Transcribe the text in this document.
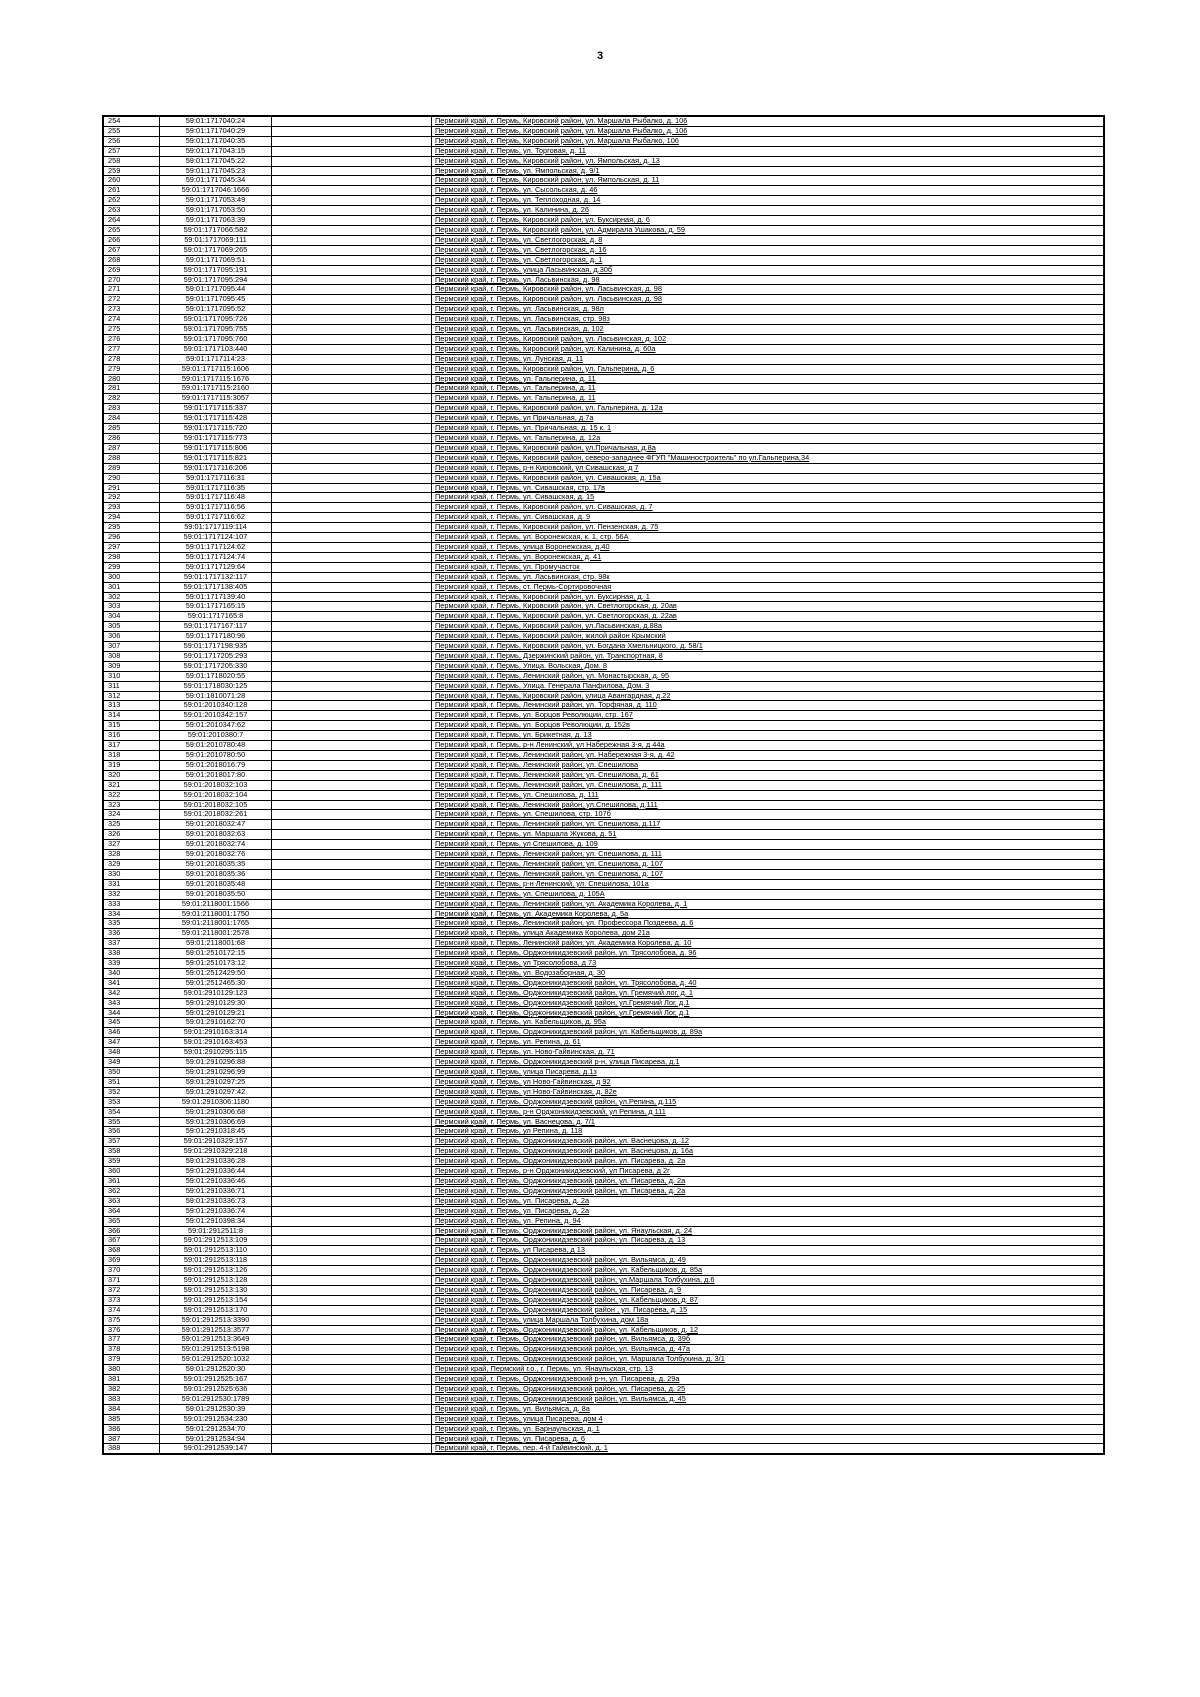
3
254	59:01:1717040:24		Пермский край, г. Пермь, Кировский район, ул. Маршала Рыбалко, д. 106
255	59:01:1717040:29		Пермский край, г. Пермь, Кировский район, ул. Маршала Рыбалко, д. 106
256	59:01:1717040:35		Пермский край, г. Пермь, Кировский район, ул. Маршала Рыбалко, 106
257	59:01:1717043:15		Пермский край, г. Пермь, ул. Торговая, д. 11
258	59:01:1717045:22		Пермский край, г. Пермь, Кировский район, ул. Ямпольская, д. 13
259	59:01:1717045:23		Пермский край, г. Пермь, ул. Ямпольская, д. 9/1
260	59:01:1717045:34		Пермский край, г. Пермь, Кировский район, ул. Ямпольская, д. 11
261	59:01:1717046:1666		Пермский край, г. Пермь, ул. Сысольская, д. 46
262	59:01:1717053:49		Пермский край, г. Пермь, ул. Теплоходная, д. 14
263	59:01:1717053:50		Пермский край, г. Пермь, ул. Калинина, д. 26
264	59:01:1717063:39		Пермский край, г. Пермь, Кировский район, ул. Буксирная, д. 6
265	59:01:1717066:582		Пермский край, г. Пермь, Кировский район, ул. Адмирала Ушакова, д. 59
266	59:01:1717069:111		Пермский край, г. Пермь, ул. Светлогорская, д. 8
267	59:01:1717069:265		Пермский край, г. Пермь, ул. Светлогорская, д. 16
268	59:01:1717069:51		Пермский край, г. Пермь, ул. Светлогорская, д. 1
269	59:01:1717095:191		Пермский край, г. Пермь, улица Ласьвинская, д.30б
270	59:01:1717095:294		Пермский край, г. Пермь, ул. Ласьвинская, д. 98
271	59:01:1717095:44		Пермский край, г. Пермь, Кировский район, ул. Ласьвинская, д. 98
272	59:01:1717095:45		Пермский край, г. Пермь, Кировский район, ул. Ласьвинская, д. 98
273	59:01:1717095:52		Пермский край, г. Пермь, ул. Ласьвинская, д. 98л
274	59:01:1717095:726		Пермский край, г. Пермь, ул. Ласьвинская, стр. 98з
275	59:01:1717095:755		Пермский край, г. Пермь, ул. Ласьвинская, д. 102
276	59:01:1717095:760		Пермский край, г. Пермь, Кировский район, ул. Ласьвинская, д. 102
277	59:01:1717103:440		Пермский край, г. Пермь, Кировский район, ул. Калинина, д. 60а
278	59:01:1717114:23		Пермский край, г. Пермь, ул. Лунская, д. 11
279	59:01:1717115:1606		Пермский край, г. Пермь, Кировский район, ул. Гальперина, д. 6
280	59:01:1717115:1676		Пермский край, г. Пермь, ул. Гальперина, д. 11
281	59:01:1717115:2160		Пермский край, г. Пермь, ул. Гальперина, д. 11
282	59:01:1717115:3057		Пермский край, г. Пермь, ул. Гальперина, д. 11
283	59:01:1717115:337		Пермский край, г. Пермь, Кировский район, ул. Гальперина, д. 12а
284	59:01:1717115:428		Пермский край, г. Пермь, ул Причальная, д 7а
285	59:01:1717115:720		Пермский край, г. Пермь, ул. Причальная, д. 15 к. 1
286	59:01:1717115:773		Пермский край, г. Пермь, ул. Гальперина, д. 12а
287	59:01:1717115:806		Пермский край, г. Пермь, Кировский район, ул.Причальная, д.8а
288	59:01:1717115:821		Пермский край, г. Пермь, Кировский район, северо-западнее ФГУП "Машиностроитель" по ул.Гальперина,34
289	59:01:1717116:206		Пермский край, г. Пермь, р-н Кировский, ул Сивашская, д 7
290	59:01:1717116:31		Пермский край, г. Пермь, Кировский район, ул. Сивашская, д. 15а
291	59:01:1717116:35		Пермский край, г. Пермь, ул. Сивашская, стр. 17в
292	59:01:1717116:48		Пермский край, г. Пермь, ул. Сивашская, д. 15
293	59:01:1717116:56		Пермский край, г. Пермь, Кировский район, ул. Сивашская, д. 7
294	59:01:1717116:62		Пермский край, г. Пермь, ул. Сивашская, д. 9
295	59:01:1717119:114		Пермский край, г. Пермь, Кировский район, ул. Пензенская, д. 75
296	59:01:1717124:107		Пермский край, г. Пермь, ул. Воронежская, к. 1, стр. 56А
297	59:01:1717124:62		Пермский край, г. Пермь, улица Воронежская, д.40
298	59:01:1717124:74		Пермский край, г. Пермь, ул. Воронежская, д. 41
299	59:01:1717129:64		Пермский край, г. Пермь, ул. Промучасток
300	59:01:1717132:117		Пермский край, г. Пермь, ул. Ласьвинская, стр. 98к
301	59:01:1717138:405		Пермский край, г. Пермь, ст. Пермь-Сортировочная
302	59:01:1717139:40		Пермский край, г. Пермь, Кировский район, ул. Буксирная, д. 1
303	59:01:1717165:15		Пермский край, г. Пермь, Кировский район, ул. Светлогорская, д. 20ав
304	59:01:1717165:8		Пермский край, г. Пермь, Кировский район, ул. Светлогорская, д. 22ав
305	59:01:1717167:117		Пермский край, г. Пермь, Кировский район, ул.Ласьвинская, д.88а
306	59:01:1717180:96		Пермский край, г. Пермь, Кировский район, жилой район Крымский
307	59:01:1717198:935		Пермский край, г. Пермь, Кировский район, ул. Богдана Хмельницкого, д. 58/1
308	59:01:1717205:293		Пермский край, г. Пермь, Дзержинский район, ул. Транспортная, 8
309	59:01:1717205:330		Пермский край, г. Пермь, Улица. Вольская, Дом. 8
310	59:01:1718020:55		Пермский край, г. Пермь, Ленинский район, ул. Монастырская, д. 95
311	59:01:1718030:125		Пермский край, г. Пермь, Улица. Генерала Панфилова, Дом. 3
312	59:01:1810071:28		Пермский край, г. Пермь, Кировский район, улица Авангардная, д.22
313	59:01:2010340:128		Пермский край, г. Пермь, Ленинский район, ул. Торфяная, д. 110
314	59:01:2010342:157		Пермский край, г. Пермь, ул. Борцов Революции, стр. 167
315	59:01:2010347:62		Пермский край, г. Пермь, ул. Борцов Революции, д. 152в
316	59:01:2010380:7		Пермский край, г. Пермь, ул. Брикетная, д. 13
317	59:01:2010780:48		Пермский край, г. Пермь, р-н Ленинский, ул Набережная 3-я, д 44а
318	59:01:2010780:50		Пермский край, г. Пермь, Ленинский район, ул. Набережная 3-я, д. 42
319	59:01:2018016:79		Пермский край, г. Пермь, Ленинский район, ул. Спешилова
320	59:01:2018017:80		Пермский край, г. Пермь, Ленинский район, ул. Спешилова, д. 61
321	59:01:2018032:103		Пермский край, г. Пермь, Ленинский район, ул. Спешилова, д. 111
322	59:01:2018032:104		Пермский край, г. Пермь, ул. Спешилова, д. 111
323	59:01:2018032:105		Пермский край, г. Пермь, Ленинский район, ул.Спешилова, д.111
324	59:01:2018032:261		Пермский край, г. Пермь, ул. Спешилова, стр. 107б
325	59:01:2018032:47		Пермский край, г. Пермь, Ленинский район, ул. Спешилова, д.117
326	59:01:2018032:63		Пермский край, г. Пермь, ул. Маршала Жукова, д. 51
327	59:01:2018032:74		Пермский край, г. Пермь, ул Спешилова, д. 109
328	59:01:2018032:76		Пермский край, г. Пермь, Ленинский район, ул. Спешилова, д. 111
329	59:01:2018035:35		Пермский край, г. Пермь, Ленинский район, ул. Спешилова, д. 107
330	59:01:2018035:36		Пермский край, г. Пермь, Ленинский район, ул. Спешилова, д. 107
331	59:01:2018035:48		Пермский край, г. Пермь, р-н Ленинский, ул. Спешилова, 101а
332	59:01:2018035:50		Пермский край, г. Пермь, ул. Спешилова, д. 105А
333	59:01:2118001:1566		Пермский край, г. Пермь, Ленинский район, ул. Академика Королева, д. 1
334	59:01:2118001:1750		Пермский край, г. Пермь, ул. Академика Королева, д. 5а
335	59:01:2118001:1765		Пермский край, г. Пермь, Ленинский район, ул. Профессора Поздеева, д. 6
336	59:01:2118001:2578		Пермский край, г. Пермь, улица Академика Королева, дом 21а
337	59:01:2118001:68		Пермский край, г. Пермь, Ленинский район, ул. Академика Королева, д. 10
338	59:01:2510172:15		Пермский край, г. Пермь, Орджоникидзевский район, ул. Трясолобова, д. 96
339	59:01:2510173:12		Пермский край, г. Пермь, ул Трясолобова, д 73
340	59:01:2512429:50		Пермский край, г. Пермь, ул. Водозаборная, д. 30
341	59:01:2512465:30		Пермский край, г. Пермь, Орджоникидзевский район, ул. Трясолобова, д. 40
342	59:01:2910129:123		Пермский край, г. Пермь, Орджоникидзевский район, ул. Гремячий лог, д. 1
343	59:01:2910129:30		Пермский край, г. Пермь, Орджоникидзевский район, ул.Гремячий Лог, д.1
344	59:01:2910129:21		Пермский край, г. Пермь, Орджоникидзевский район, ул.Гремячий Лог, д.1
345	59:01:2910162:70		Пермский край, г. Пермь, ул. Кабельщиков, д. 95а
346	59:01:2910163:314		Пермский край, г. Пермь, Орджоникидзевский район, ул. Кабельщиков, д. 89а
347	59:01:2910163:453		Пермский край, г. Пермь, ул. Репина, д. 61
348	59:01:2910295:115		Пермский край, г. Пермь, ул. Ново-Гайвинская, д. 71
349	59:01:2910296:88		Пермский край, г. Пермь, Орджоникидзевский р-н, улица Писарева, д.1
350	59:01:2910296:99		Пермский край, г. Пермь, улица Писарева, д.1з
351	59:01:2910297:25		Пермский край, г. Пермь, ул Ново-Гайвинская, д 92
352	59:01:2910297:42		Пермский край, г. Пермь, ул Ново-Гайвинская, д. 82е
353	59:01:2910306:1180		Пермский край, г. Пермь, Орджоникидзевский район, ул.Репина, д.115
354	59:01:2910306:68		Пермский край, г. Пермь, р-н Орджоникидзевский, ул Репина, д 111
355	59:01:2910306:69		Пермский край, г. Пермь, ул. Васнецова, д. 7/1
356	59:01:2910318:45		Пермский край, г. Пермь, ул Репина, д. 118
357	59:01:2910329:157		Пермский край, г. Пермь, Орджоникидзевский район, ул. Васнецова, д. 12
358	59:01:2910329:218		Пермский край, г. Пермь, Орджоникидзевский район, ул. Васнецова, д. 16а
359	59:01:2910336:28		Пермский край, г. Пермь, Орджоникидзевский район, ул. Писарева, д. 2а
360	59:01:2910336:44		Пермский край, г. Пермь, р-н Орджоникидзевский, ул Писарева, д 2г
361	59:01:2910336:46		Пермский край, г. Пермь, Орджоникидзевский район, ул. Писарева, д. 2а
362	59:01:2910336:71		Пермский край, г. Пермь, Орджоникидзевский район, ул. Писарева, д. 2а
363	59:01:2910336:73		Пермский край, г. Пермь, ул. Писарева, д. 2а
364	59:01:2910336:74		Пермский край, г. Пермь, ул. Писарева, д. 2а
365	59:01:2910398:34		Пермский край, г. Пермь, ул. Репина, д. 94
366	59:01:2912511:8		Пермский край, г. Пермь, Орджоникидзевский район, ул. Янаульская, д. 24
367	59:01:2912513:109		Пермский край, г. Пермь, Орджоникидзевский район, ул. Писарева, д. 13
368	59:01:2912513:110		Пермский край, г. Пермь, ул Писарева, д 13
369	59:01:2912513:118		Пермский край, г. Пермь, Орджоникидзевский район, ул. Вильямса, д. 49
370	59:01:2912513:126		Пермский край, г. Пермь, Орджоникидзевский район, ул. Кабельщиков, д. 85а
371	59:01:2912513:128		Пермский край, г. Пермь, Орджоникидзевский район, ул.Маршала Толбухина, д.6
372	59:01:2912513:130		Пермский край, г. Пермь, Орджоникидзевский район, ул. Писарева, д. 9
373	59:01:2912513:154		Пермский край, г. Пермь, Орджоникидзевский район, ул. Кабельщиков, д. 87
374	59:01:2912513:170		Пермский край, г. Пермь, Орджоникидзевский район , ул. Писарева, д. 15
375	59:01:2912513:3390		Пермский край, г. Пермь, улица Маршала Толбухина, дом 18а
376	59:01:2912513:3577		Пермский край, г. Пермь, Орджоникидзевский район, ул. Кабельщиков, д. 12
377	59:01:2912513:3649		Пермский край, г. Пермь, Орджоникидзевский район, ул. Вильямса, д. 39б
378	59:01:2912513:5198		Пермский край, г. Пермь, Орджоникидзевский район, ул. Вильямса, д. 47а
379	59:01:2912520:1032		Пермский край, г. Пермь, Орджоникидзевский район, ул. Маршала Толбухина, д. 3/1
380	59:01:2912520:30		Пермский край, Пермский г.о., г. Пермь, ул. Янаульская, стр. 13
381	59:01:2912525:167		Пермский край, г. Пермь, Орджоникидзевский р-н, ул. Писарева, д. 29а
382	59:01:2912525:636		Пермский край, г. Пермь, Орджоникидзевский район, ул. Писарева, д. 25
383	59:01:2912530:1789		Пермский край, г. Пермь, Орджоникидзевский район, ул. Вильямса, д. 45
384	59:01:2912530:39		Пермский край, г. Пермь, ул. Вильямса, д. 8а
385	59:01:2912534:230		Пермский край, г. Пермь, улица Писарева, дом 4
386	59:01:2912534:70		Пермский край, г. Пермь, ул. Барнаульская, д. 1
387	59:01:2912534:94		Пермский край, г. Пермь, ул. Писарева, д. 6
388	59:01:2912539:147		Пермский край, г. Пермь, пер. 4-й Гайвинский, д. 1
